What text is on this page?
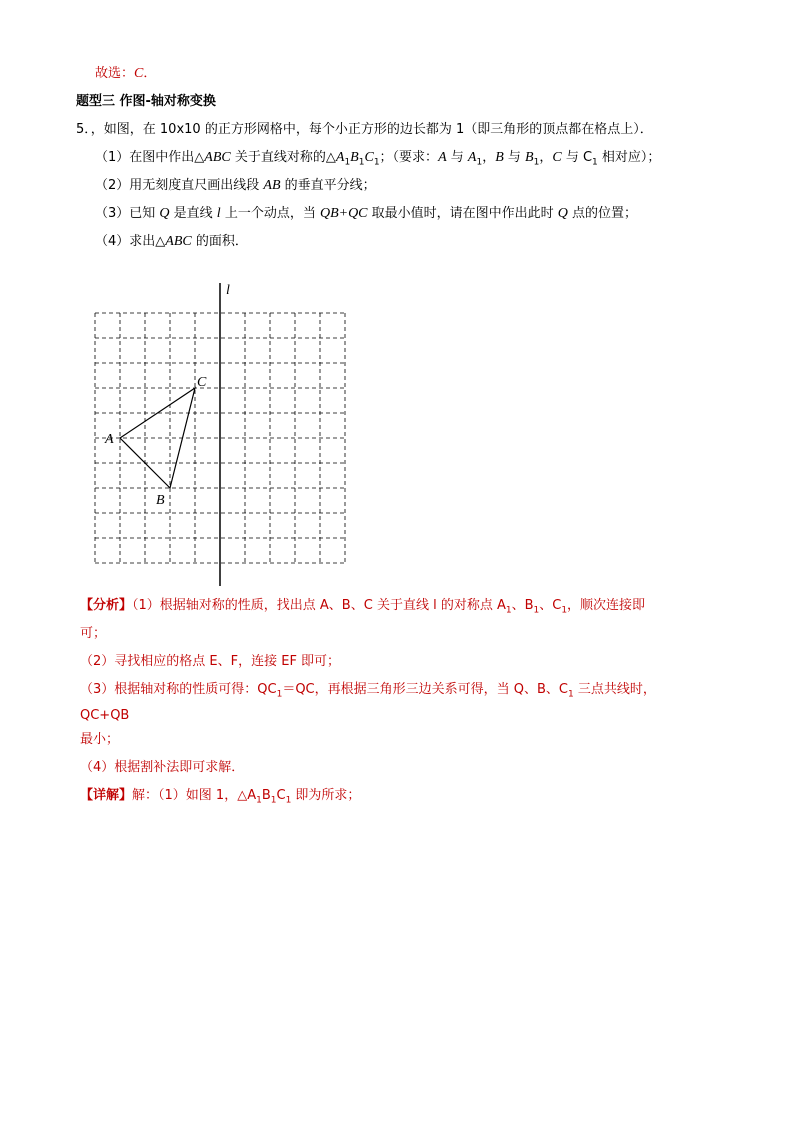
故选：C．
题型三 作图-轴对称变换
5．，如图，在 10x10 的正方形网格中，每个小正方形的边长都为 1（即三角形的顶点都在格点上）．
（1）在图中作出△ABC 关于直线对称的$\triangle A_1B_1C_1$；（要求：A 与 $A_1$，B 与 $B_1$，C 与 $C_1$ 相对应）；
（2）用无刻度直尺画出线段 AB 的垂直平分线；
（3）已知 Q 是直线 l 上一个动点，当 QB+QC 取最小值时，请在图中作出此时 Q 点的位置；
（4）求出△ABC 的面积．
l
A
B
C
【分析】（1）根据轴对称的性质，找出点 A、B、C 关于直线 l 的对称点 $A_1$、$B_1$、$C_1$，顺次连接即
可；
（2）寻找相应的格点 E、F，连接 EF 即可；
（3）根据轴对称的性质可得：$QC_1=QC$，再根据三角形三边关系可得，当 Q、B、$C_1$ 三点共线时，
QC+QB
最小；
（4）根据割补法即可求解．
【详解】解：（1）如图 1，$\triangle A_1B_1C_1$ 即为所求；
